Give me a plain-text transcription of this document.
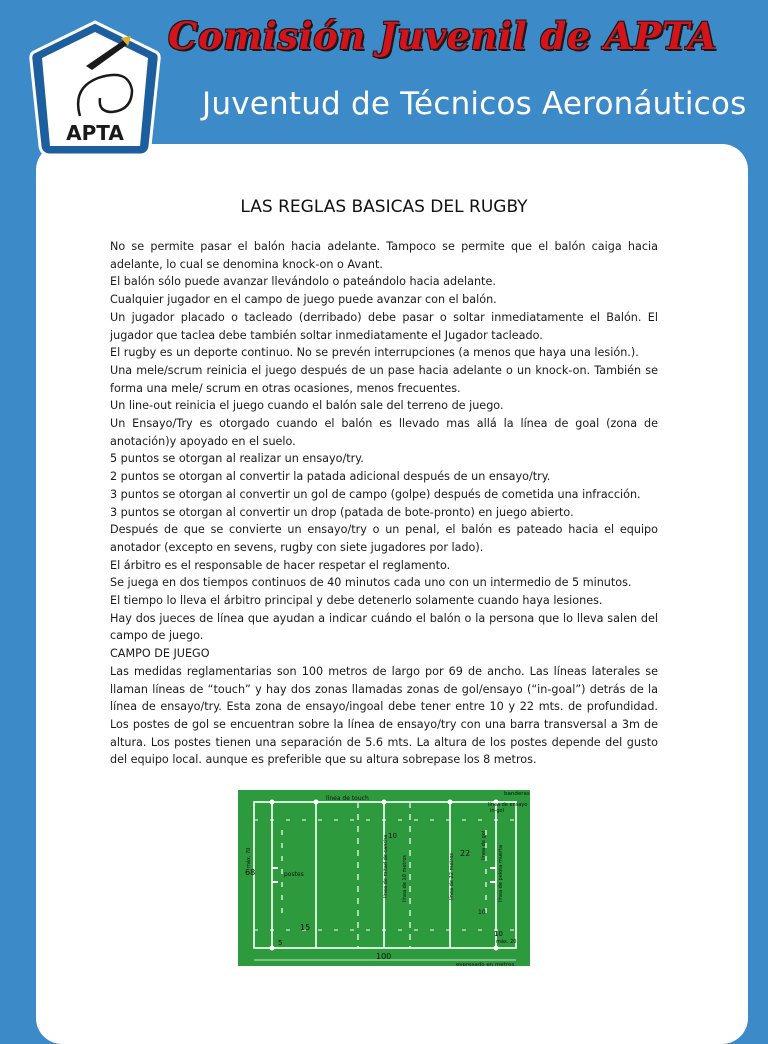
APTA
Comisión Juvenil de APTA
Juventud de Técnicos Aeronáuticos
LAS REGLAS BASICAS DEL RUGBY

No se permite pasar el balón hacia adelante. Tampoco se permite que el balón caiga hacia adelante, lo cual se denomina knock-on o Avant.

El balón sólo puede avanzar llevándolo o pateándolo hacia adelante.

Cualquier jugador en el campo de juego puede avanzar con el balón.

Un jugador placado o tacleado (derribado) debe pasar o soltar inmediatamente el Balón. El jugador que taclea debe también soltar inmediatamente el Jugador tacleado.

El rugby es un deporte continuo. No se prevén interrupciones (a menos que haya una lesión.).

Una mele/scrum reinicia el juego después de un pase hacia adelante o un knock-on. También se forma una mele/ scrum en otras ocasiones, menos frecuentes.

Un line-out reinicia el juego cuando el balón sale del terreno de juego.

Un Ensayo/Try es otorgado cuando el balón es llevado mas allá la línea de goal (zona de anotación)y apoyado en el suelo.

5 puntos se otorgan al realizar un ensayo/try.

2 puntos se otorgan al convertir la patada adicional después de un ensayo/try.

3 puntos se otorgan al convertir un gol de campo (golpe) después de cometida una infracción.

3 puntos se otorgan al convertir un drop (patada de bote-pronto) en juego abierto.

Después de que se convierte un ensayo/try o un penal, el balón es pateado hacia el equipo anotador (excepto en sevens, rugby con siete jugadores por lado).

El árbitro es el responsable de hacer respetar el reglamento.

Se juega en dos tiempos continuos de 40 minutos cada uno con un intermedio de 5 minutos.

El tiempo lo lleva el árbitro principal y debe detenerlo solamente cuando haya lesiones.

Hay dos jueces de línea que ayudan a indicar cuándo el balón o la persona que lo lleva salen del campo de juego.

CAMPO DE JUEGO

Las medidas reglamentarias son 100 metros de largo por 69 de ancho. Las líneas laterales se llaman líneas de “touch” y hay dos zonas llamadas zonas de gol/ensayo (“in-goal”) detrás de la línea de ensayo/try. Esta zona de ensayo/ingoal debe tener entre 10 y 22 mts. de profundidad. Los postes de gol se encuentran sobre la línea de ensayo/try con una barra transversal a 3m de altura. Los postes tienen una separación de 5.6 mts. La altura de los postes depende del gusto del equipo local. aunque es preferible que su altura sobrepase los 8 metros.

línea de touch
banderas
línea de ensayo
in-gol
postes
68
máx. 70	línea de mitad de cancha	línea de 10 metros	línea de 22 metros
línea de gol línea de pelota muerta
10
22
15
5
10
10
máx. 20
100
expresado en metros
